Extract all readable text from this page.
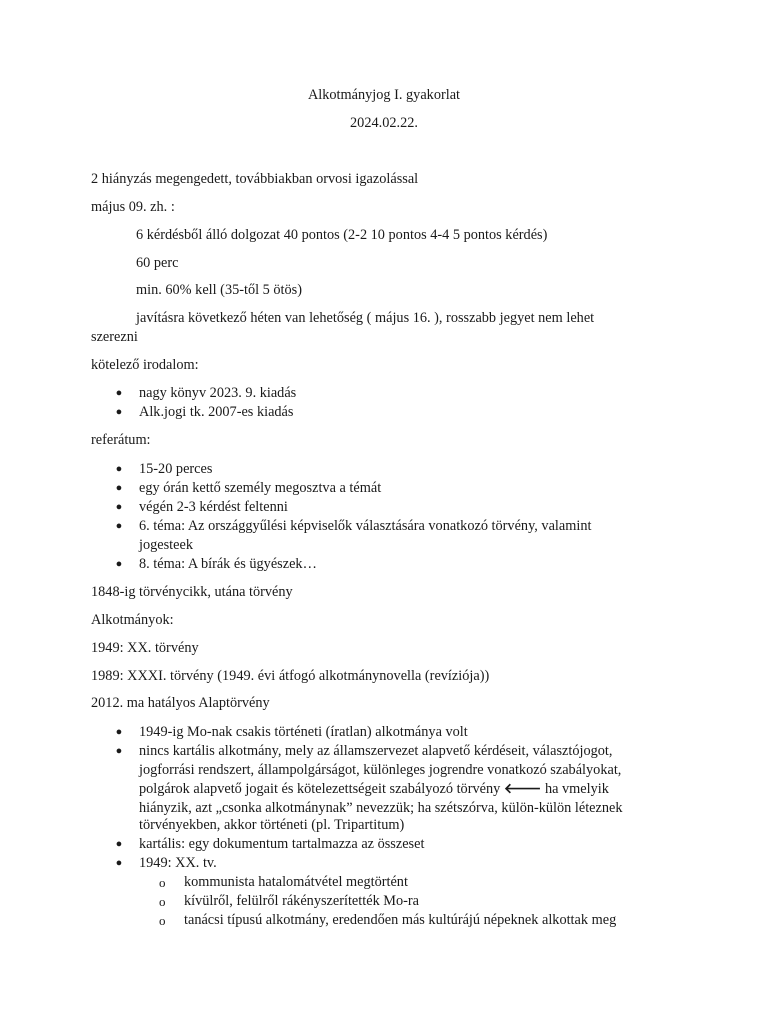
Alkotmányjog I. gyakorlat
2024.02.22.
2 hiányzás megengedett, továbbiakban orvosi igazolással
május 09. zh. :
6 kérdésből álló dolgozat 40 pontos (2-2 10 pontos 4-4 5 pontos kérdés)
60 perc
min. 60% kell (35-től 5 ötös)
javításra következő héten van lehetőség ( május 16. ), rosszabb jegyet nem lehet
szerezni
kötelező irodalom:
● nagy könyv 2023. 9. kiadás
● Alk.jogi tk. 2007-es kiadás
referátum:
● 15-20 perces
● egy órán kettő személy megosztva a témát
● végén 2-3 kérdést feltenni
● 6. téma: Az országgyűlési képviselők választására vonatkozó törvény, valamint
jogesteek
● 8. téma: A bírák és ügyészek…
1848-ig törvénycikk, utána törvény
Alkotmányok:
1949: XX. törvény
1989: XXXI. törvény (1949. évi átfogó alkotmánynovella (revíziója))
2012. ma hatályos Alaptörvény
● 1949-ig Mo-nak csakis történeti (íratlan) alkotmánya volt
● nincs kartális alkotmány, mely az államszervezet alapvető kérdéseit, választójogot,
jogforrási rendszert, állampolgárságot, különleges jogrendre vonatkozó szabályokat,
polgárok alapvető jogait és kötelezettségeit szabályozó törvény 🡐 ha vmelyik
hiányzik, azt „csonka alkotmánynak” nevezzük; ha szétszórva, külön-külön léteznek
törvényekben, akkor történeti (pl. Tripartitum)
● kartális: egy dokumentum tartalmazza az összeset
● 1949: XX. tv.
o kommunista hatalomátvétel megtörtént
o kívülről, felülről rákényszerítették Mo-ra
o tanácsi típusú alkotmány, eredendően más kultúrájú népeknek alkottak meg
